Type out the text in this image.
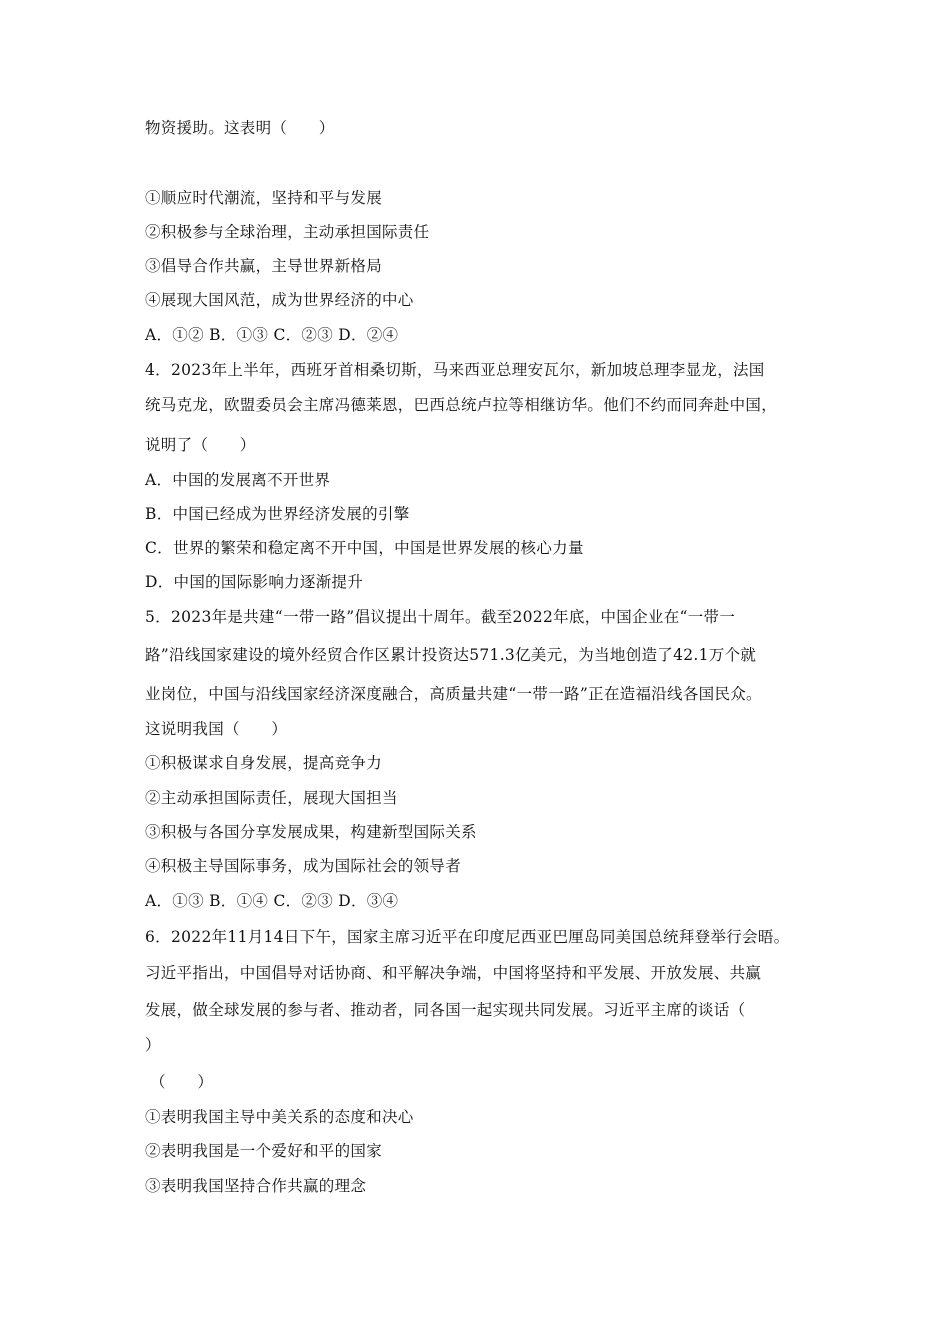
物资援助。这表明（　　）
①顺应时代潮流，坚持和平与发展
②积极参与全球治理，主动承担国际责任
③倡导合作共赢，主导世界新格局
④展现大国风范，成为世界经济的中心
A．①② B．①③ C．②③ D．②④
4．2023年上半年，西班牙首相桑切斯，马来西亚总理安瓦尔，新加坡总理李显龙，法国
统马克龙，欧盟委员会主席冯德莱恩，巴西总统卢拉等相继访华。他们不约而同奔赴中国，
说明了（　　）
A．中国的发展离不开世界
B．中国已经成为世界经济发展的引擎
C．世界的繁荣和稳定离不开中国，中国是世界发展的核心力量
D．中国的国际影响力逐渐提升
5．2023年是共建“一带一路”倡议提出十周年。截至2022年底，中国企业在“一带一
路”沿线国家建设的境外经贸合作区累计投资达571.3亿美元，为当地创造了42.1万个就
业岗位，中国与沿线国家经济深度融合，高质量共建“一带一路”正在造福沿线各国民众。
这说明我国（　　）
①积极谋求自身发展，提高竞争力
②主动承担国际责任，展现大国担当
③积极与各国分享发展成果，构建新型国际关系
④积极主导国际事务，成为国际社会的领导者
A．①③ B．①④ C．②③ D．③④
6．2022年11月14日下午，国家主席习近平在印度尼西亚巴厘岛同美国总统拜登举行会晤。
习近平指出，中国倡导对话协商、和平解决争端，中国将坚持和平发展、开放发展、共赢
发展，做全球发展的参与者、推动者，同各国一起实现共同发展。习近平主席的谈话（
）
（　　）
①表明我国主导中美关系的态度和决心
②表明我国是一个爱好和平的国家
③表明我国坚持合作共赢的理念
